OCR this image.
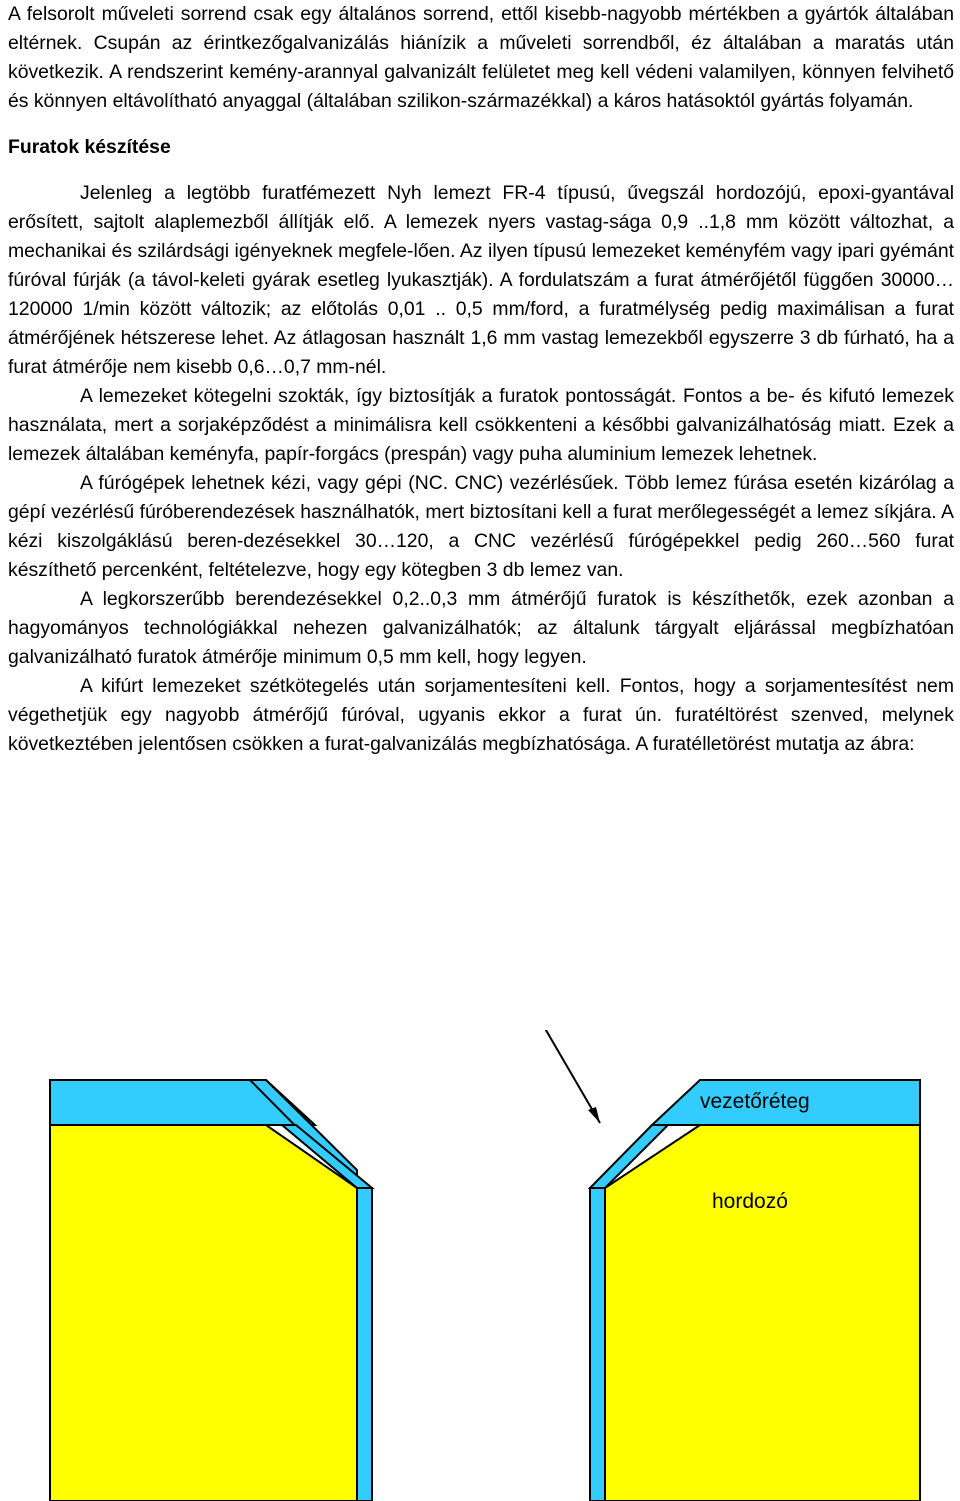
A felsorolt műveleti sorrend csak egy általános sorrend, ettől kisebb-nagyobb mértékben a gyártók általában eltérnek. Csupán az érintkezőgalvanizálás hiánízik a műveleti sorrendből, éz általában a maratás után következik. A rendszerint kemény-arannyal galvanizált felületet meg kell védeni valamilyen, könnyen felvihető és könnyen eltávolítható anyaggal (általában szilikon-származékkal) a káros hatásoktól gyártás folyamán.

Furatok készítése

Jelenleg a legtöbb furatfémezett Nyh lemezt FR-4 típusú, űvegszál hordozójú, epoxi-gyantával erősített, sajtolt alaplemezből állítják elő. A lemezek nyers vastag-sága 0,9 ..1,8 mm között változhat, a mechanikai és szilárdsági igényeknek megfele-lően. Az ilyen típusú lemezeket keményfém vagy ipari gyémánt fúróval fúrják (a távol-keleti gyárak esetleg lyukasztják). A fordulatszám a furat átmérőjétől függően 30000…120000 1/min között változik; az előtolás 0,01 .. 0,5 mm/ford, a furatmélység pedig maximálisan a furat átmérőjének hétszerese lehet. Az átlagosan használt 1,6 mm vastag lemezekből egyszerre 3 db fúrható, ha a furat átmérője nem kisebb 0,6…0,7 mm-nél.

A lemezeket kötegelni szokták, így biztosítják a furatok pontosságát. Fontos a be- és kifutó lemezek használata, mert a sorjaképződést a minimálisra kell csökkenteni a későbbi galvanizálhatóság miatt. Ezek a lemezek általában keményfa, papír-forgács (prespán) vagy puha aluminium lemezek lehetnek.

A fúrógépek lehetnek kézi, vagy gépi (NC. CNC) vezérlésűek. Több lemez fúrása esetén kizárólag a gépí vezérlésű fúróberendezések használhatók, mert biztosítani kell a furat merőlegességét a lemez síkjára. A kézi kiszolgáklású beren-dezésekkel 30…120, a CNC vezérlésű fúrógépekkel pedig 260…560 furat készíthető percenként, feltételezve, hogy egy kötegben 3 db lemez van.

A legkorszerűbb berendezésekkel 0,2..0,3 mm átmérőjű furatok is készíthetők, ezek azonban a hagyományos technológiákkal nehezen galvanizálhatók; az általunk tárgyalt eljárással megbízhatóan galvanizálható furatok átmérője minimum 0,5 mm kell, hogy legyen.

A kifúrt lemezeket szétkötegelés után sorjamentesíteni kell. Fontos, hogy a sorjamentesítést nem végethetjük egy nagyobb átmérőjű fúróval, ugyanis ekkor a furat ún. furatéltörést szenved, melynek következtében jelentősen csökken a furat-galvanizálás megbízhatósága. A furatélletörést mutatja az ábra:

vezetőréteg
hordozó
